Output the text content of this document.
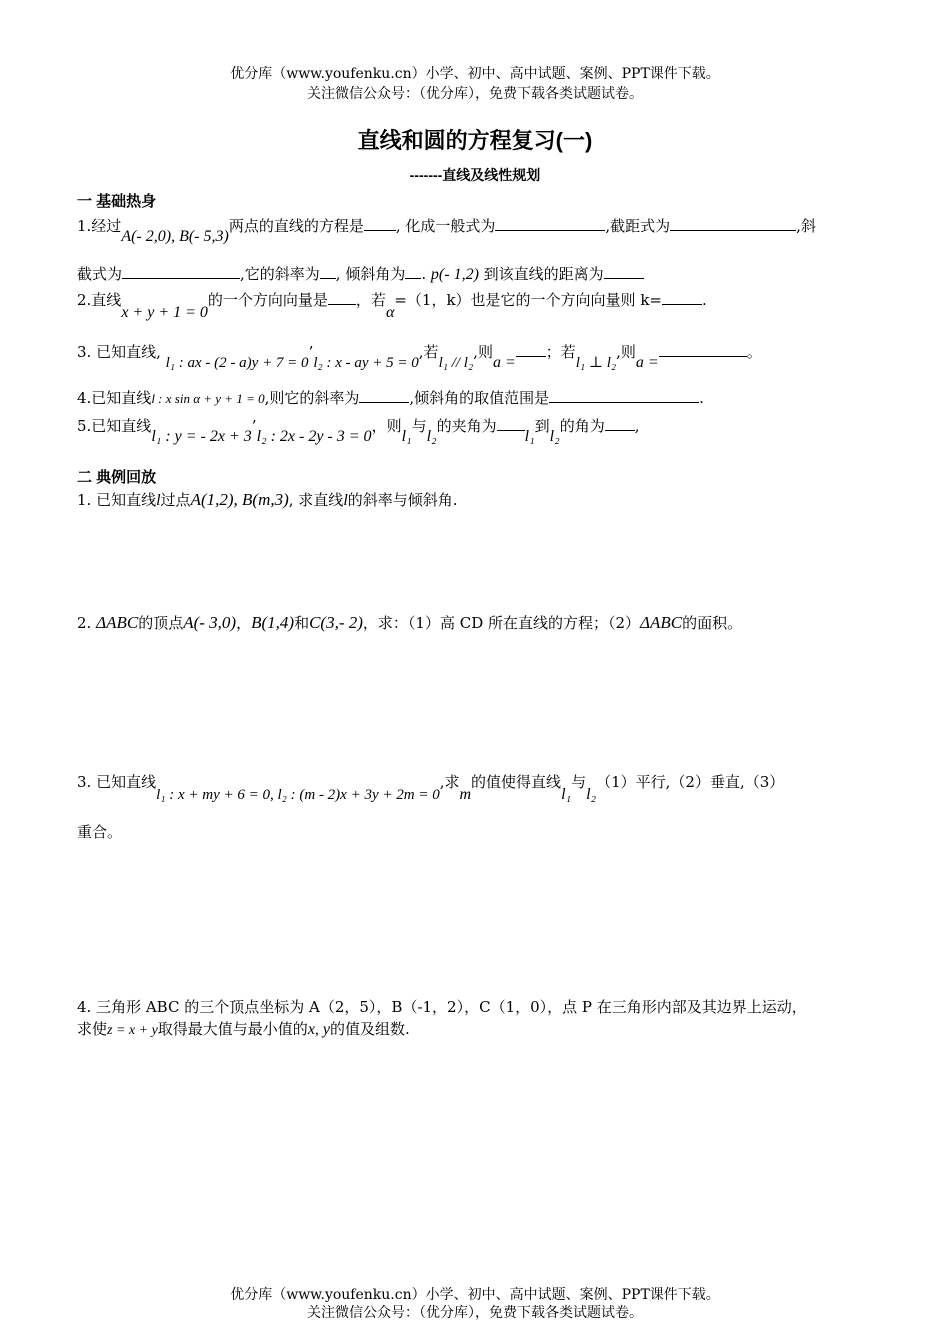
优分库（www.youfenku.cn）小学、初中、高中试题、案例、PPT课件下载。
关注微信公众号：（优分库），免费下载各类试题试卷。
直线和圆的方程复习(一)
-------直线及线性规划
一 基础热身
1.经过A(- 2,0), B(- 5,3)两点的直线的方程是 , 化成一般式为	,截距式为	,斜
截式为	,它的斜率为 , 倾斜角为 . p(- 1,2) 到该直线的距离为
2.直线x + y + 1 = 0的一个方向向量是 ，若α=（1，k）也是它的一个方向向量则 k=	.
3. 已知直线, l₁ : ax - (2 - a)y + 7 = 0’l₂ : x - ay + 5 = 0,若l₁ // l₂,则a =；若l₁ ⊥ l₂,则a =。
4.已知直线l : x sin α + y + 1 = 0,则它的斜率为	,倾斜角的取值范围是	.
5.已知直线l₁ : y = - 2x + 3’l₂ : 2x - 2y - 3 = 0，则l₁与l₂的夹角为l₁到l₂的角为 ,
二 典例回放
1. 已知直线l过点A(1,2), B(m,3), 求直线l的斜率与倾斜角.
2. ΔABC的顶点A(- 3,0)，B(1,4)和C(3,- 2)，求：（1）高 CD 所在直线的方程；（2）ΔABC的面积。
3. 已知直线l₁ : x + my + 6 = 0, l₂ : (m - 2)x + 3y + 2m = 0,求m的值使得直线l₁与l₂（1）平行,（2）垂直,（3）
重合。
4. 三角形 ABC 的三个顶点坐标为 A（2，5），B（-1，2），C（1，0），点 P 在三角形内部及其边界上运动，
求使z = x + y取得最大值与最小值的x, y的值及组数.
优分库（www.youfenku.cn）小学、初中、高中试题、案例、PPT课件下载。
关注微信公众号：（优分库），免费下载各类试题试卷。
